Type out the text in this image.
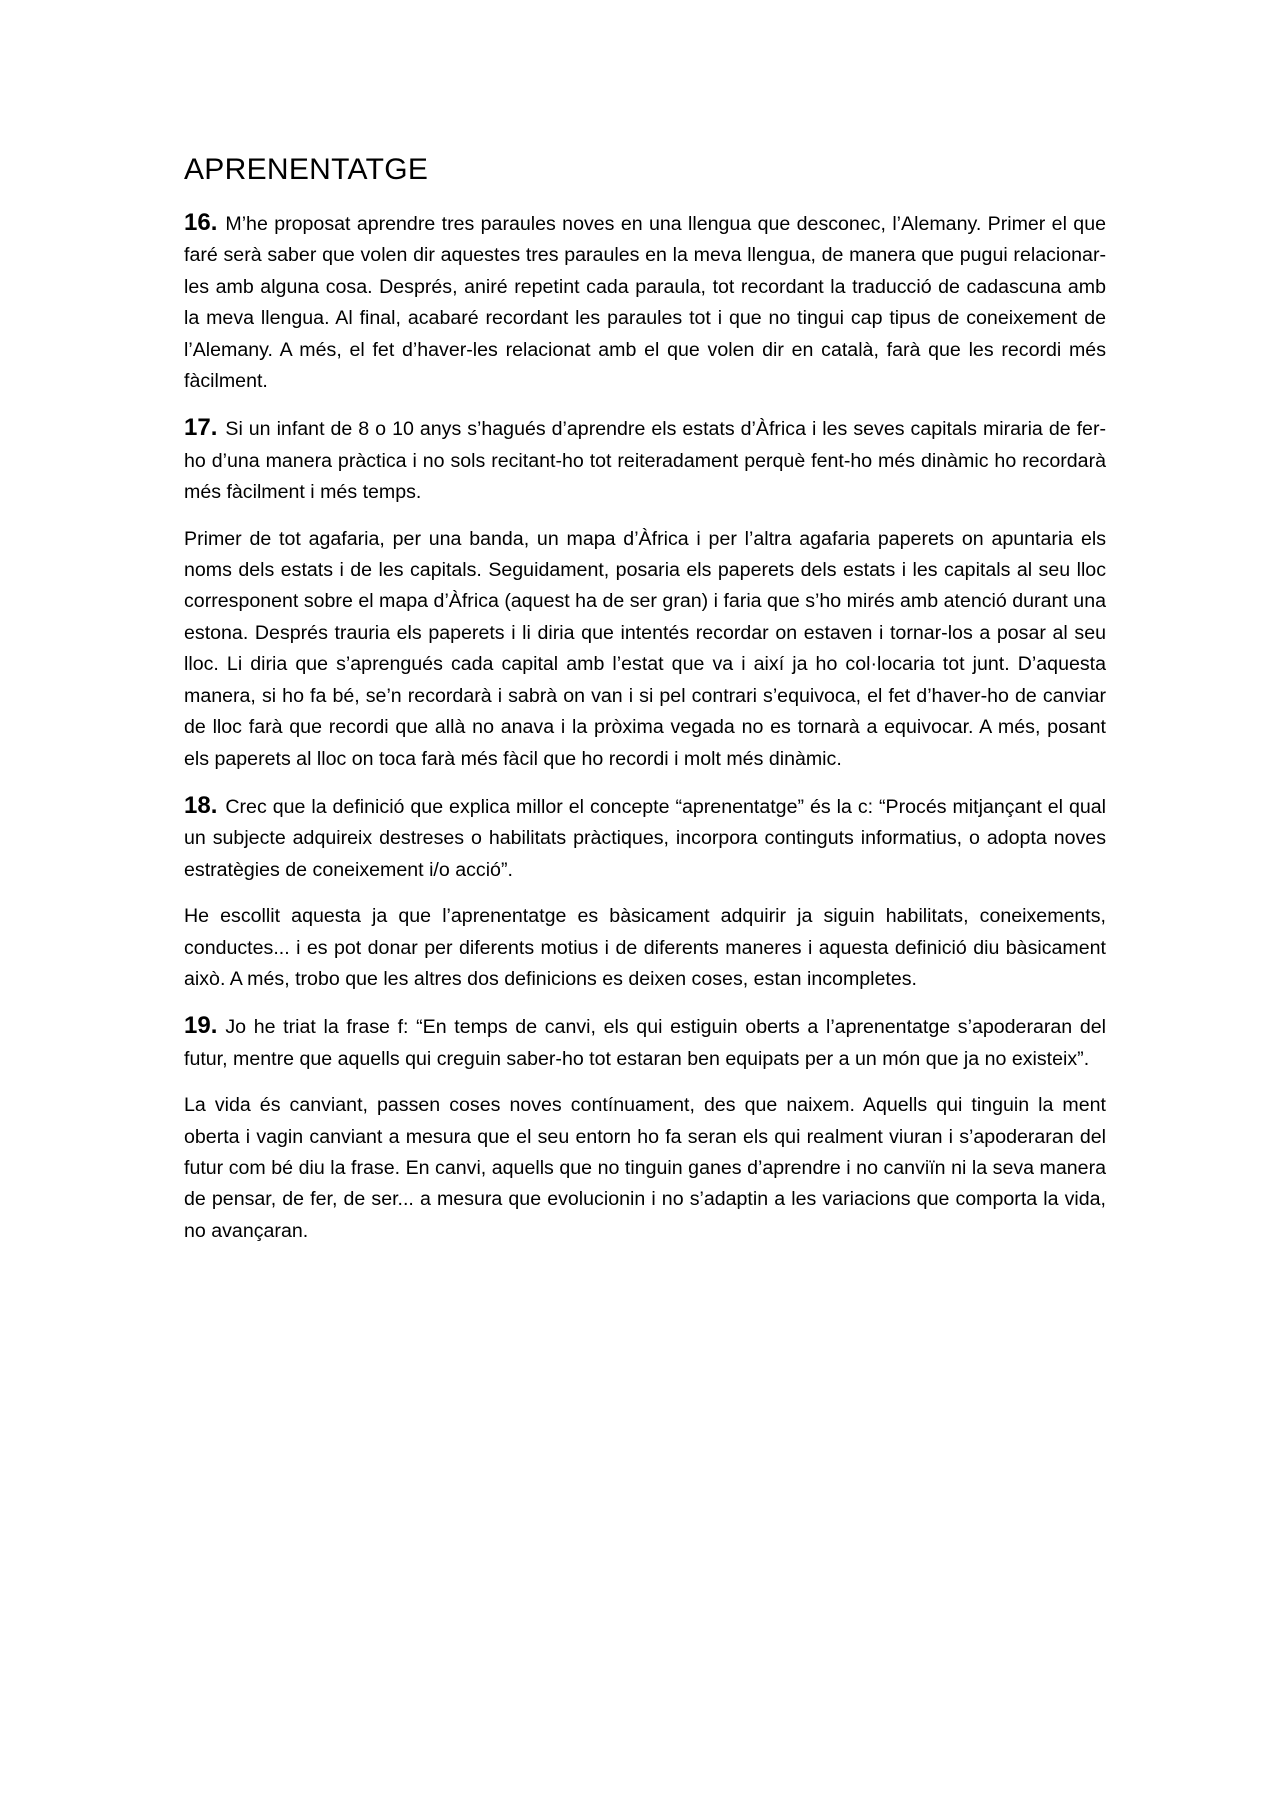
APRENENTATGE

16. M’he proposat aprendre tres paraules noves en una llengua que desconec, l’Alemany. Primer el que faré serà saber que volen dir aquestes tres paraules en la meva llengua, de manera que pugui relacionar-les amb alguna cosa. Després, aniré repetint cada paraula, tot recordant la traducció de cadascuna amb la meva llengua. Al final, acabaré recordant les paraules tot i que no tingui cap tipus de coneixement de l’Alemany. A més, el fet d’haver-les relacionat amb el que volen dir en català, farà que les recordi més fàcilment.

17. Si un infant de 8 o 10 anys s’hagués d’aprendre els estats d’Àfrica i les seves capitals miraria de fer-ho d’una manera pràctica i no sols recitant-ho tot reiteradament perquè fent-ho més dinàmic ho recordarà més fàcilment i més temps.

Primer de tot agafaria, per una banda, un mapa d’Àfrica i per l’altra agafaria paperets on apuntaria els noms dels estats i de les capitals. Seguidament, posaria els paperets dels estats i les capitals al seu lloc corresponent sobre el mapa d’Àfrica (aquest ha de ser gran) i faria que s’ho mirés amb atenció durant una estona. Després trauria els paperets i li diria que intentés recordar on estaven i tornar-los a posar al seu lloc. Li diria que s’aprengués cada capital amb l’estat que va i així ja ho col·locaria tot junt. D’aquesta manera, si ho fa bé, se’n recordarà i sabrà on van i si pel contrari s’equivoca, el fet d’haver-ho de canviar de lloc farà que recordi que allà no anava i la pròxima vegada no es tornarà a equivocar. A més, posant els paperets al lloc on toca farà més fàcil que ho recordi i molt més dinàmic.

18. Crec que la definició que explica millor el concepte “aprenentatge” és la c: “Procés mitjançant el qual un subjecte adquireix destreses o habilitats pràctiques, incorpora continguts informatius, o adopta noves estratègies de coneixement i/o acció”.

He escollit aquesta ja que l’aprenentatge es bàsicament adquirir ja siguin habilitats, coneixements, conductes... i es pot donar per diferents motius i de diferents maneres i aquesta definició diu bàsicament això. A més, trobo que les altres dos definicions es deixen coses, estan incompletes.

19. Jo he triat la frase f: “En temps de canvi, els qui estiguin oberts a l’aprenentatge s’apoderaran del futur, mentre que aquells qui creguin saber-ho tot estaran ben equipats per a un món que ja no existeix”.

La vida és canviant, passen coses noves contínuament, des que naixem. Aquells qui tinguin la ment oberta i vagin canviant a mesura que el seu entorn ho fa seran els qui realment viuran i s’apoderaran del futur com bé diu la frase. En canvi, aquells que no tinguin ganes d’aprendre i no canviïn ni la seva manera de pensar, de fer, de ser... a mesura que evolucionin i no s’adaptin a les variacions que comporta la vida, no avançaran.
